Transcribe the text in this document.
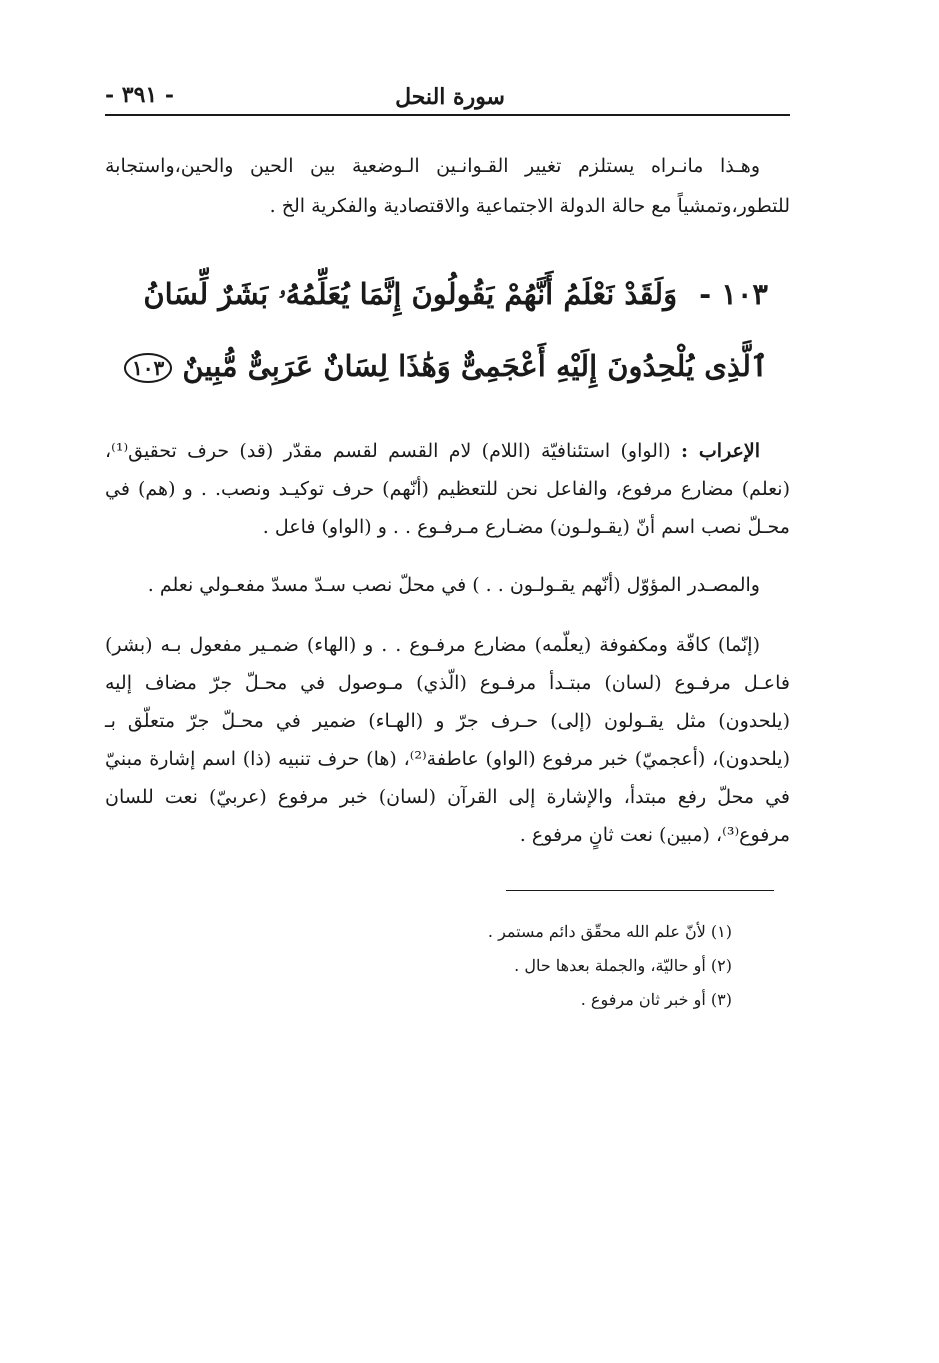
سورة النحل
- ٣٩١ -

وهـذا مانـراه يستلزم تغيير القـوانـين الـوضعية بين الحين والحين،واستجابة للتطور،وتمشياً مع حالة الدولة الاجتماعية والاقتصادية والفكرية الخ .

١٠٣ -وَلَقَدْ نَعْلَمُ أَنَّهُمْ يَقُولُونَ إِنَّمَا يُعَلِّمُهُۥ بَشَرٌ لِّسَانُ ٱلَّذِى يُلْحِدُونَ إِلَيْهِ أَعْجَمِىٌّ وَهَٰذَا لِسَانٌ عَرَبِىٌّ مُّبِينٌ ١٠٣

الإعراب : (الواو) استئنافيّة (اللام) لام القسم لقسم مقدّر (قد) حرف تحقيق⁽¹⁾، (نعلم) مضارع مرفوع، والفاعل نحن للتعظيم (أنّهم) حرف توكيـد ونصب. . و (هم) في محـلّ نصب اسم أنّ (يقـولـون) مضـارع مـرفـوع . . و (الواو) فاعل .

والمصـدر المؤوّل (أنّهم يقـولـون . . ) في محلّ نصب سـدّ مسدّ مفعـولي نعلم .

(إنّما) كافّة ومكفوفة (يعلّمه) مضارع مرفـوع . . و (الهاء) ضمـير مفعول بـه (بشر) فاعـل مرفـوع (لسان) مبتـدأ مرفـوع (الّذي) مـوصول في محـلّ جرّ مضاف إليه (يلحدون) مثل يقـولون (إلى) حـرف جرّ و (الهـاء) ضمير في محـلّ جرّ متعلّق بـ (يلحدون)، (أعجميّ) خبر مرفوع (الواو) عاطفة⁽²⁾، (ها) حرف تنبيه (ذا) اسم إشارة مبنيّ في محلّ رفع مبتدأ، والإشارة إلى القرآن (لسان) خبر مرفوع (عربيّ) نعت للسان مرفوع⁽³⁾، (مبين) نعت ثانٍ مرفوع .

(١) لأنّ علم الله محقّق دائم مستمر .

(٢) أو حاليّة، والجملة بعدها حال .

(٣) أو خبر ثان مرفوع .
